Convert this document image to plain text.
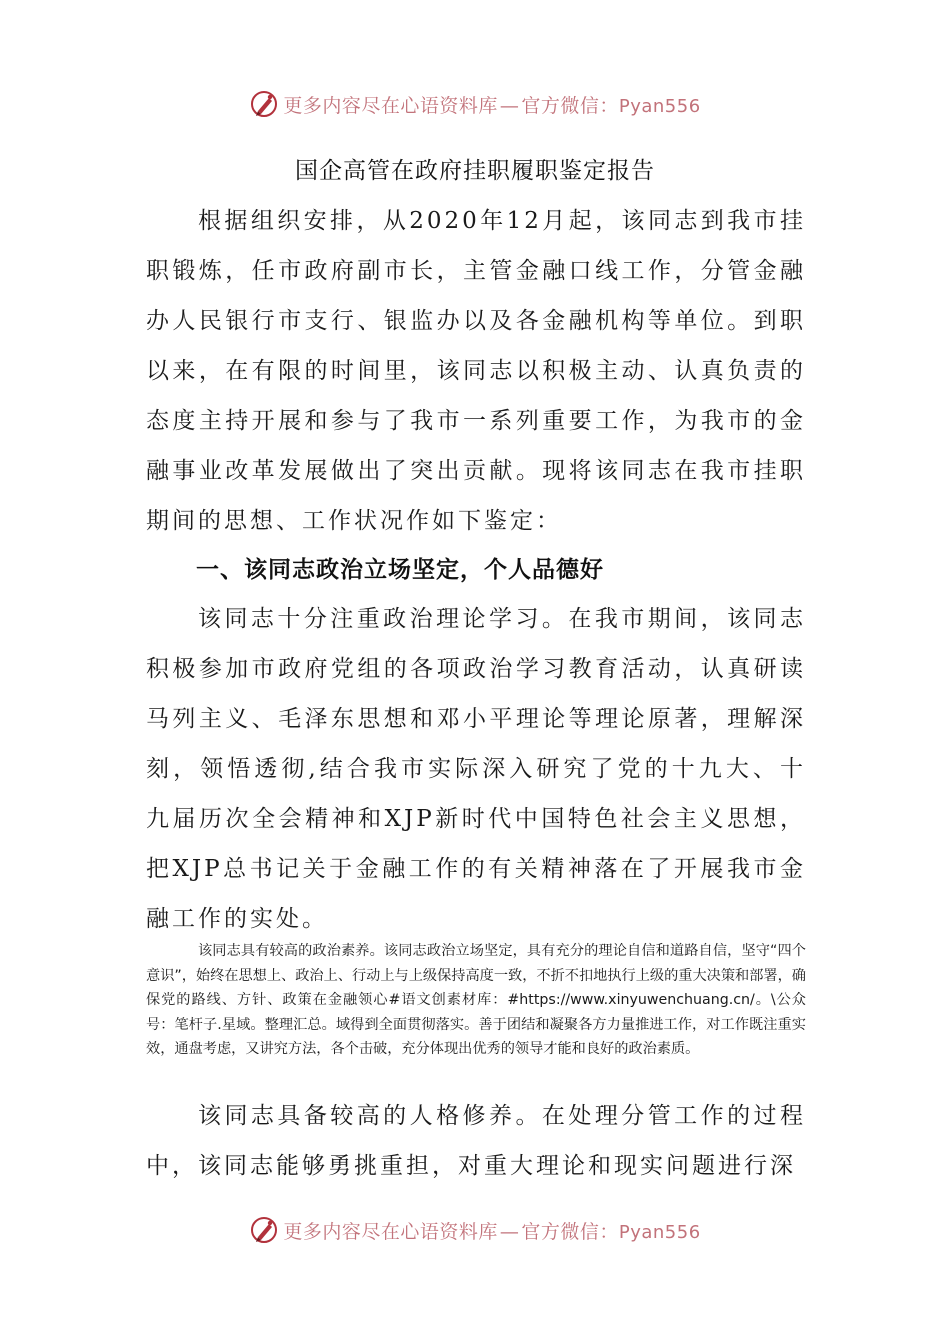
更多内容尽在心语资料库 — 官方微信：Pyan556
国企高管在政府挂职履职鉴定报告

根据组织安排，从2020年12月起，该同志到我市挂职锻炼，任市政府副市长，主管金融口线工作，分管金融办人民银行市支行、银监办以及各金融机构等单位。到职以来，在有限的时间里，该同志以积极主动、认真负责的态度主持开展和参与了我市一系列重要工作，为我市的金融事业改革发展做出了突出贡献。现将该同志在我市挂职期间的思想、工作状况作如下鉴定：

一、该同志政治立场坚定，个人品德好

该同志十分注重政治理论学习。在我市期间，该同志积极参加市政府党组的各项政治学习教育活动，认真研读马列主义、毛泽东思想和邓小平理论等理论原著，理解深刻，领悟透彻,结合我市实际深入研究了党的十九大、十九届历次全会精神和XJP新时代中国特色社会主义思想，把XJP总书记关于金融工作的有关精神落在了开展我市金融工作的实处。

该同志具有较高的政治素养。该同志政治立场坚定，具有充分的理论自信和道路自信，坚守“四个意识”，始终在思想上、政治上、行动上与上级保持高度一致，不折不扣地执行上级的重大决策和部署，确保党的路线、方针、政策在金融领心#语文创素材库：#https://www.xinyuwenchuang.cn/。\公众号：笔杆子.星域。整理汇总。域得到全面贯彻落实。善于团结和凝聚各方力量推进工作，对工作既注重实效，通盘考虑，又讲究方法，各个击破，充分体现出优秀的领导才能和良好的政治素质。

该同志具备较高的人格修养。在处理分管工作的过程中，该同志能够勇挑重担，对重大理论和现实问题进行深

更多内容尽在心语资料库 — 官方微信：Pyan556
